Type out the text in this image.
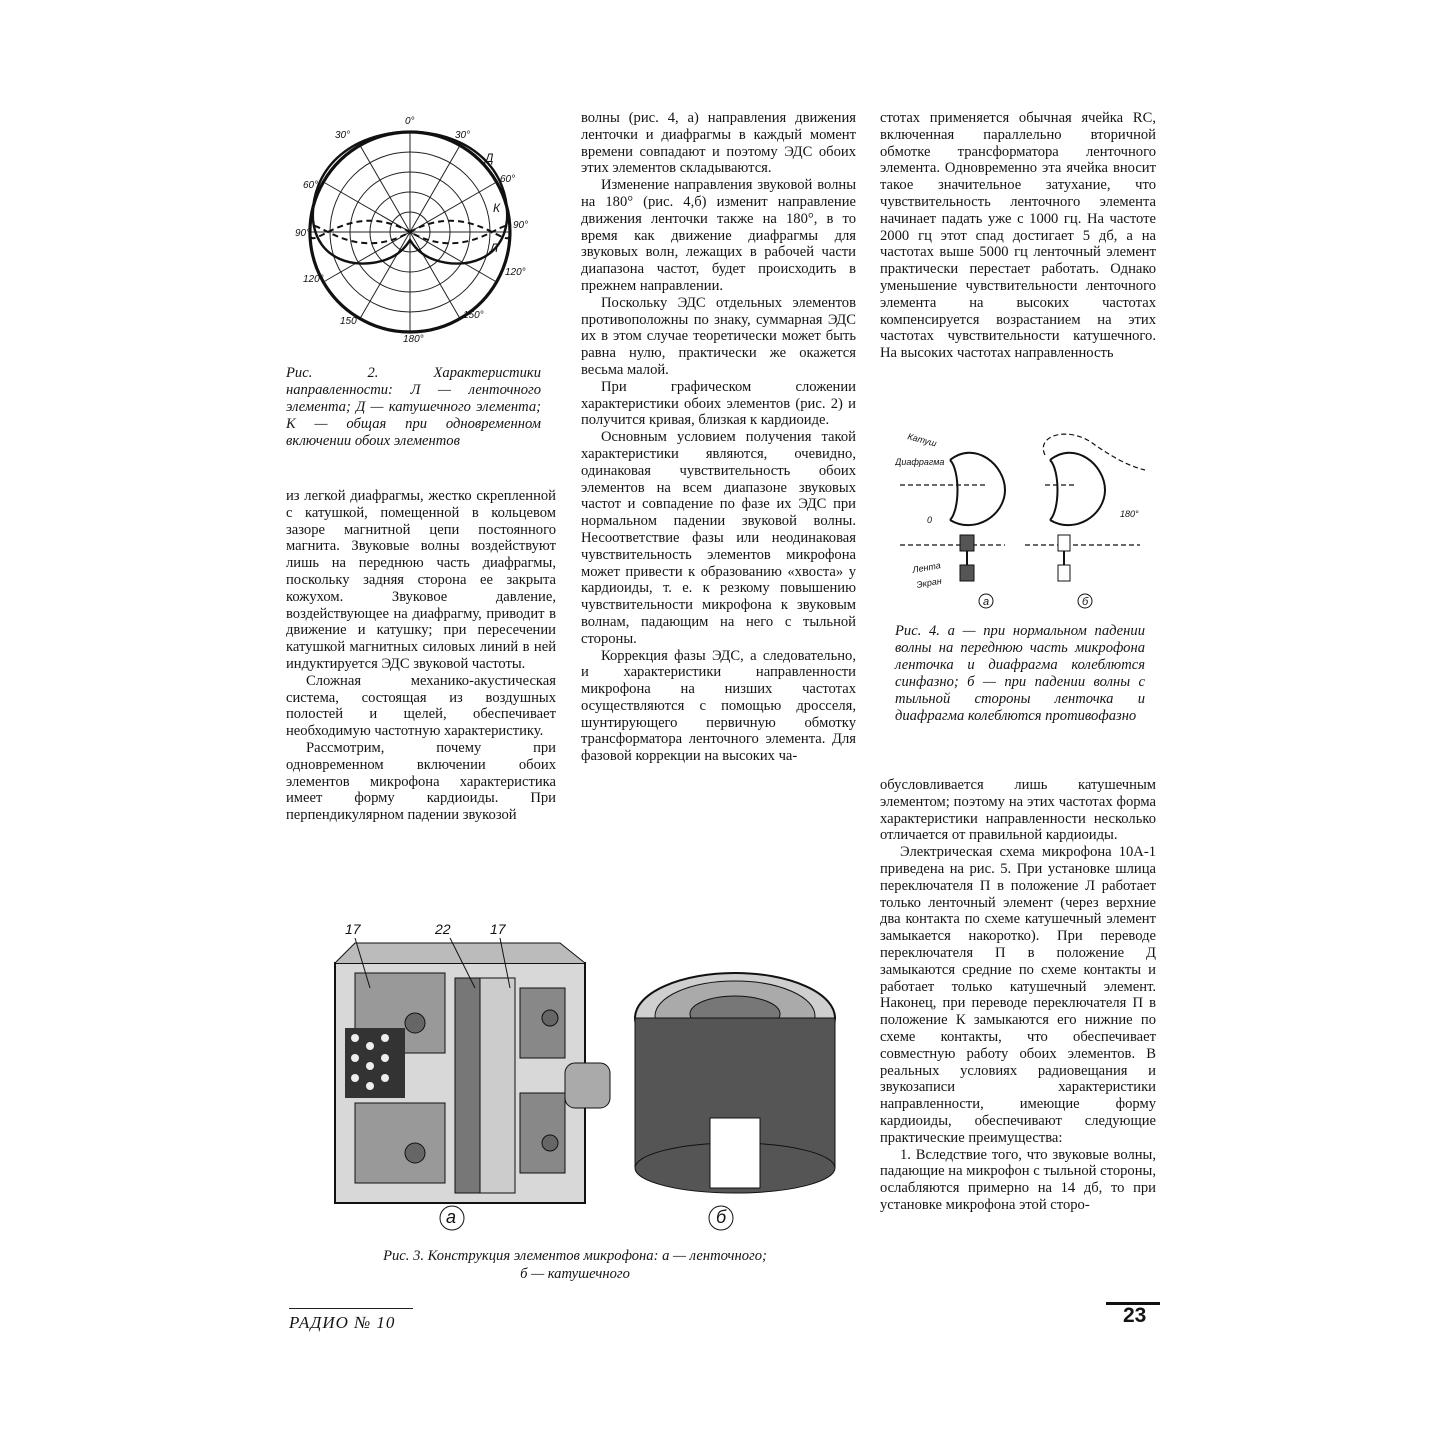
0°
30°	30°
60°
60°
90°
90°
120°
120°
150°
150°
180°
Д
К
Л
Рис. 2. Характеристики направленности: Л — ленточного элемента; Д — катушечного элемента; К — общая при одновременном включении обоих элементов

из легкой диафрагмы, жестко скрепленной с катушкой, помещенной в кольцевом зазоре магнитной цепи постоянного магнита. Звуковые волны воздействуют лишь на переднюю часть диафрагмы, поскольку задняя сторона ее закрыта кожухом. Звуковое давление, воздействующее на диафрагму, приводит в движение и катушку; при пересечении катушкой магнитных силовых линий в ней индуктируется ЭДС звуковой частоты.

Сложная механико-акустическая система, состоящая из воздушных полостей и щелей, обеспечивает необходимую частотную характеристику.

Рассмотрим, почему при одновременном включении обоих элементов микрофона характеристика имеет форму кардиоиды. При перпендикулярном падении звукозой

волны (рис. 4, а) направления движения ленточки и диафрагмы в каждый момент времени совпадают и поэтому ЭДС обоих этих элементов складываются.

Изменение направления звуковой волны на 180° (рис. 4,б) изменит направление движения ленточки также на 180°, в то время как движение диафрагмы для звуковых волн, лежащих в рабочей части диапазона частот, будет происходить в прежнем направлении.

Поскольку ЭДС отдельных элементов противоположны по знаку, суммарная ЭДС их в этом случае теоретически может быть равна нулю, практически же окажется весьма малой.

При графическом сложении характеристики обоих элементов (рис. 2) и получится кривая, близкая к кардиоиде.

Основным условием получения такой характеристики являются, очевидно, одинаковая чувствительность обоих элементов на всем диапазоне звуковых частот и совпадение по фазе их ЭДС при нормальном падении звуковой волны. Несоответствие фазы или неодинаковая чувствительность элементов микрофона может привести к образованию «хвоста» у кардиоиды, т. е. к резкому повышению чувствительности микрофона к звуковым волнам, падающим на него с тыльной стороны.

Коррекция фазы ЭДС, а следовательно, и характеристики направленности микрофона на низших частотах осуществляются с помощью дросселя, шунтирующего первичную обмотку трансформатора ленточного элемента. Для фазовой коррекции на высоких ча-

стотах применяется обычная ячейка RC, включенная параллельно вторичной обмотке трансформатора ленточного элемента. Одновременно эта ячейка вносит такое значительное затухание, что чувствительность ленточного элемента начинает падать уже с 1000 гц. На частоте 2000 гц этот спад достигает 5 дб, а на частотах выше 5000 гц ленточный элемент практически перестает работать. Однако уменьшение чувствительности ленточного элемента на высоких частотах компенсируется возрастанием на этих частотах чувствительности катушечного. На высоких частотах направленность

Катуш
Диафрагма
0
180°
Лента
Экран
а	б
Рис. 4. а — при нормальном падении волны на переднюю часть микрофона ленточка и диафрагма колеблются синфазно; б — при падении волны с тыльной стороны ленточка и диафрагма колеблются противофазно

обусловливается лишь катушечным элементом; поэтому на этих частотах форма характеристики направленности несколько отличается от правильной кардиоиды.

Электрическая схема микрофона 10А-1 приведена на рис. 5. При установке шлица переключателя П в положение Л работает только ленточный элемент (через верхние два контакта по схеме катушечный элемент замыкается накоротко). При переводе переключателя П в положение Д замыкаются средние по схеме контакты и работает только катушечный элемент. Наконец, при переводе переключателя П в положение К замыкаются его нижние по схеме контакты, что обеспечивает совместную работу обоих элементов. В реальных условиях радиовещания и звукозаписи характеристики направленности, имеющие форму кардиоиды, обеспечивают следующие практические преимущества:

1. Вследствие того, что звуковые волны, падающие на микрофон с тыльной стороны, ослабляются примерно на 14 дб, то при установке микрофона этой сторо-

17	22	17
а	б
Рис. 3. Конструкция элементов микрофона: а — ленточного;
б — катушечного
РАДИО № 10	23
